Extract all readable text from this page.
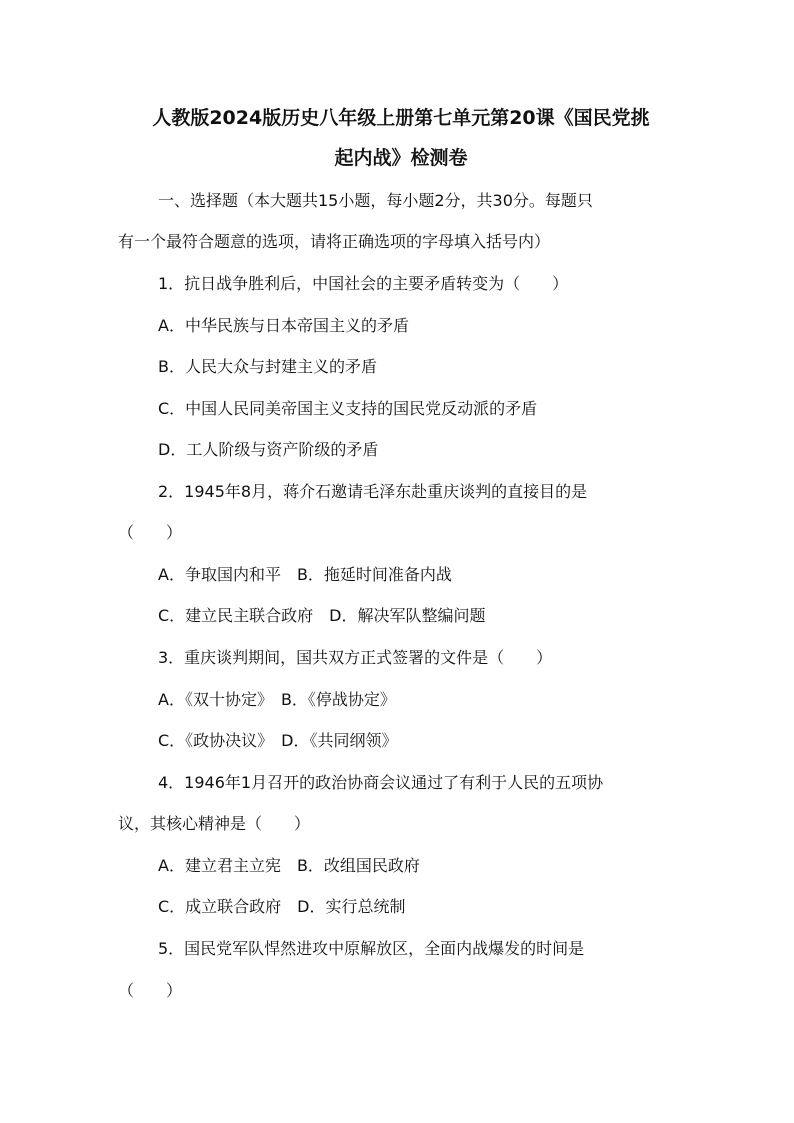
人教版2024版历史八年级上册第七单元第20课《国民党挑
起内战》检测卷
一、选择题（本大题共15小题，每小题2分，共30分。每题只
有一个最符合题意的选项，请将正确选项的字母填入括号内）
1．抗日战争胜利后，中国社会的主要矛盾转变为（　　）
A．中华民族与日本帝国主义的矛盾
B．人民大众与封建主义的矛盾
C．中国人民同美帝国主义支持的国民党反动派的矛盾
D．工人阶级与资产阶级的矛盾
2．1945年8月，蒋介石邀请毛泽东赴重庆谈判的直接目的是
（　　）
A．争取国内和平　B．拖延时间准备内战
C．建立民主联合政府　D．解决军队整编问题
3．重庆谈判期间，国共双方正式签署的文件是（　　）
A．《双十协定》　B．《停战协定》
C．《政协决议》　D．《共同纲领》
4．1946年1月召开的政治协商会议通过了有利于人民的五项协
议，其核心精神是（　　）
A．建立君主立宪　B．改组国民政府
C．成立联合政府　D．实行总统制
5．国民党军队悍然进攻中原解放区，全面内战爆发的时间是
（　　）
